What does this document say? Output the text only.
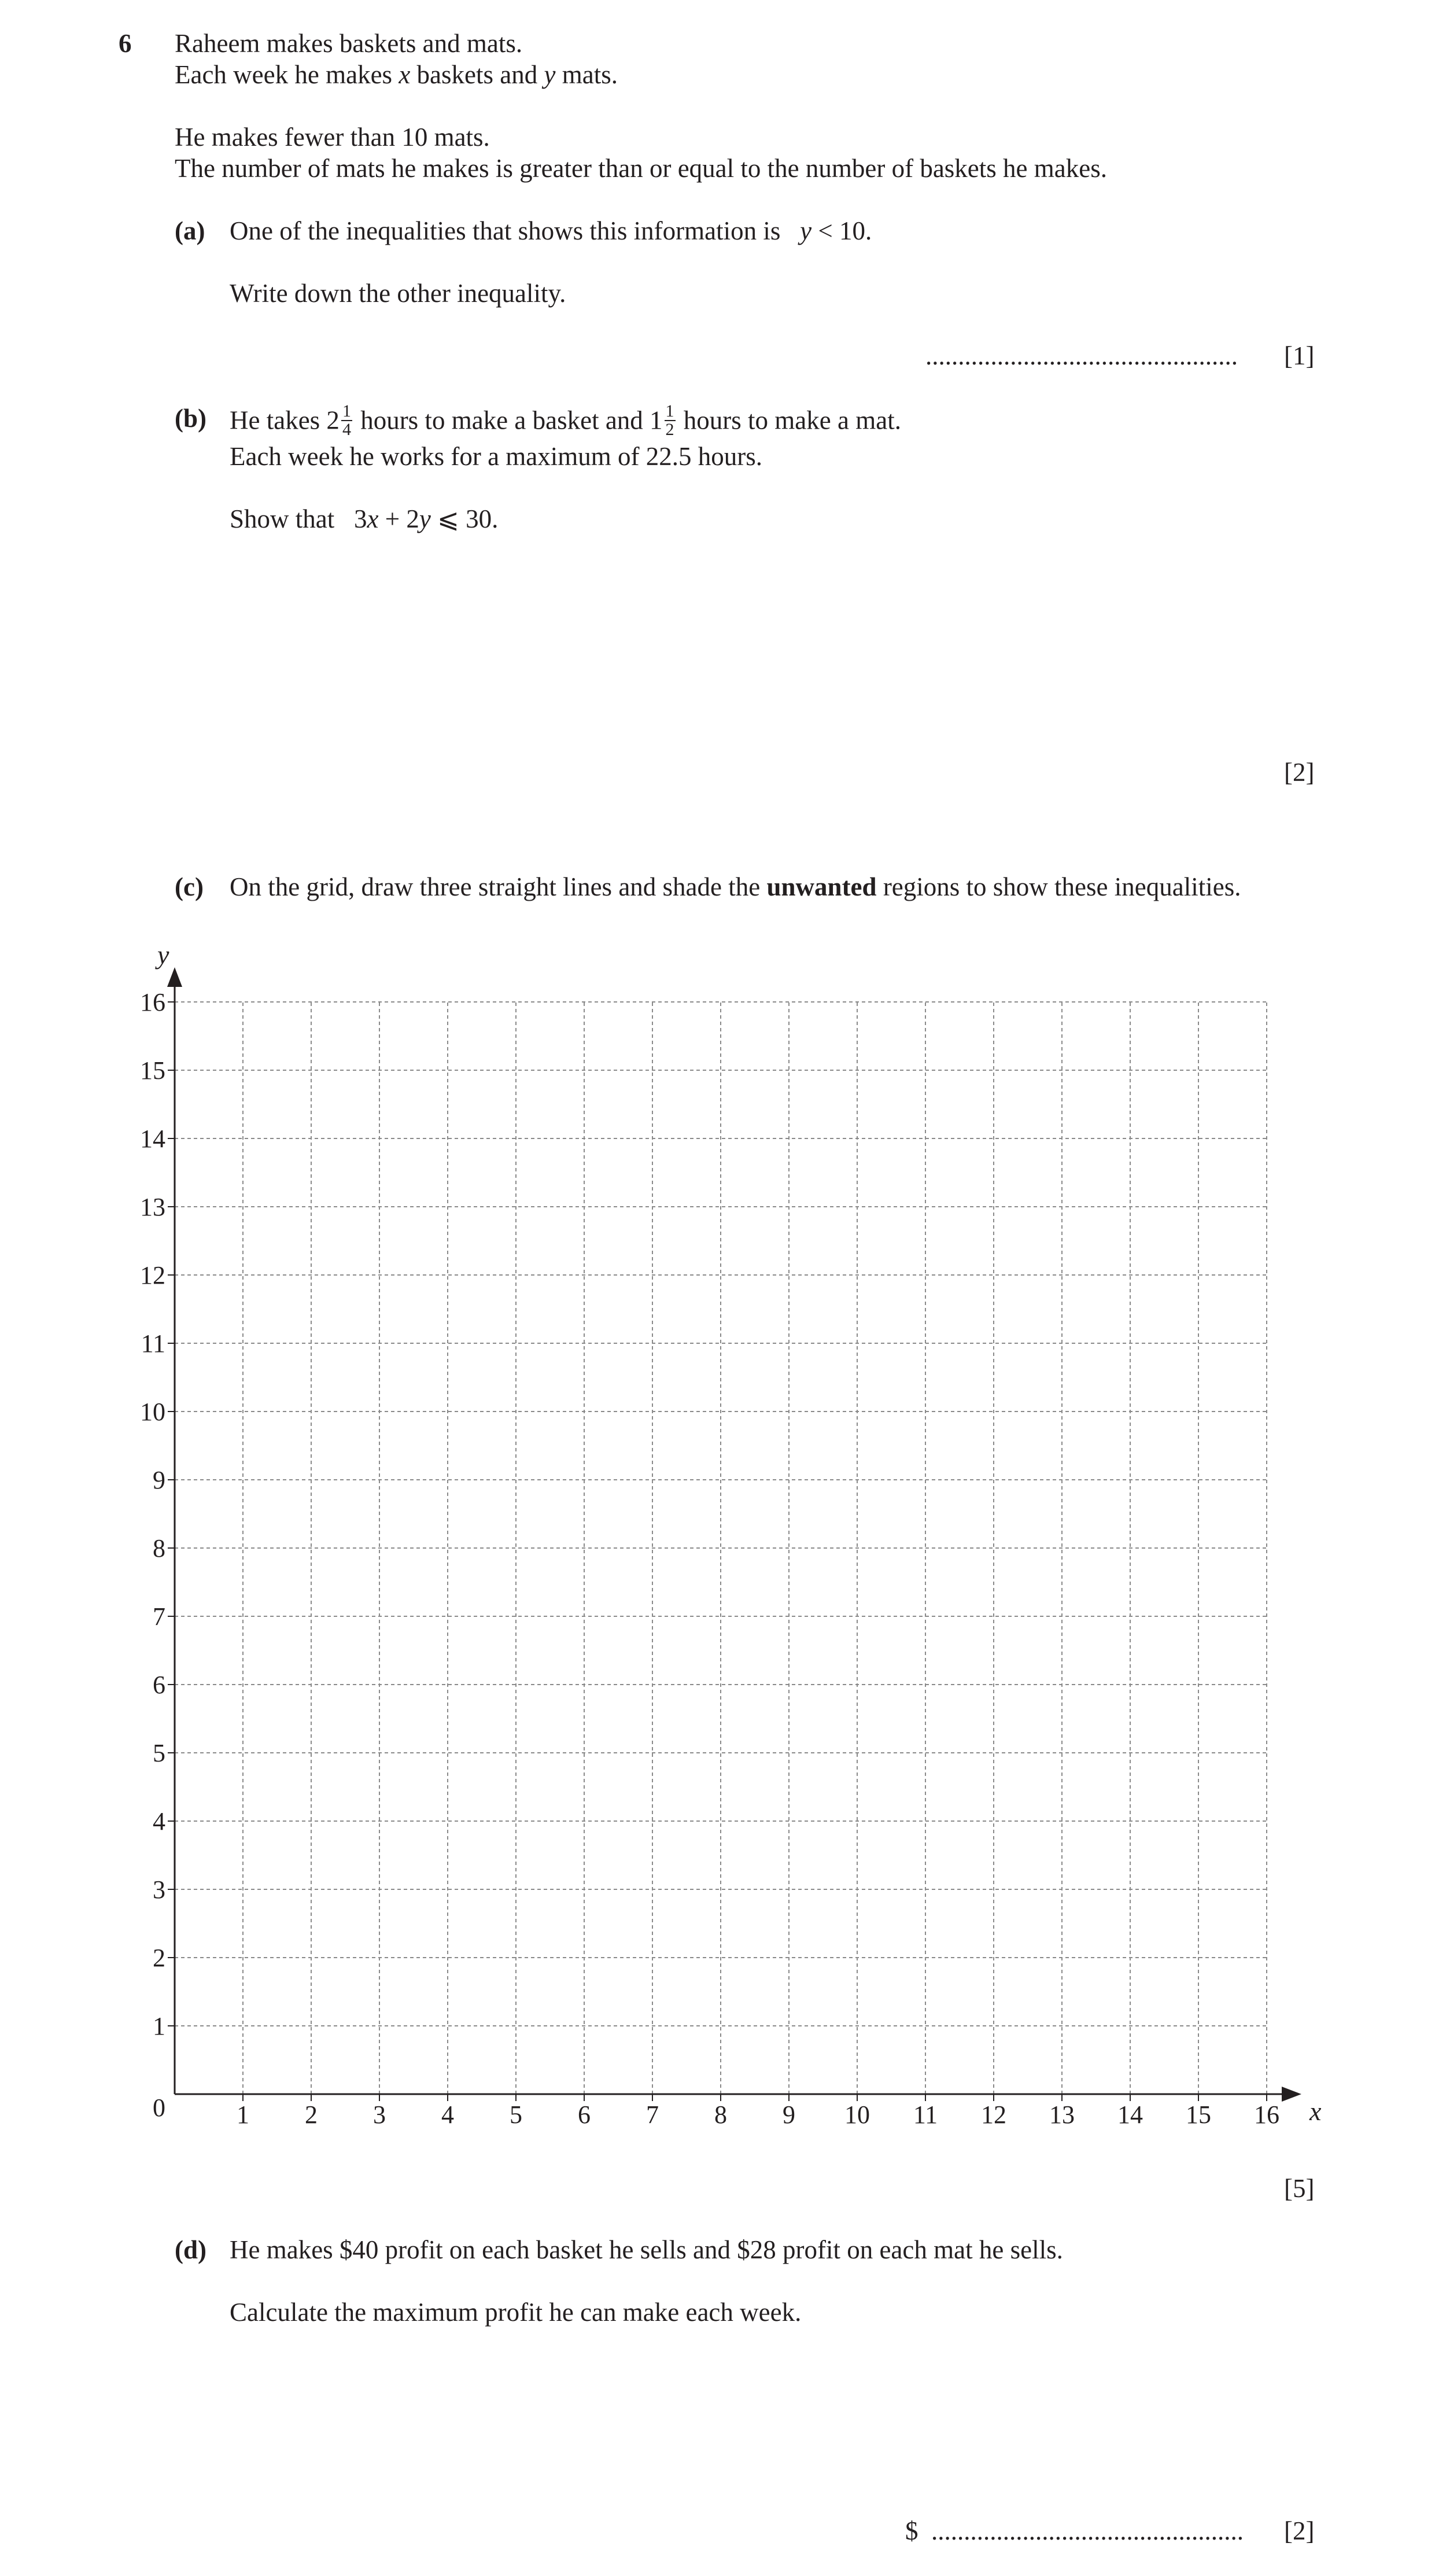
6 Raheem makes baskets and mats.
Each week he makes x baskets and y mats.
He makes fewer than 10 mats.
The number of mats he makes is greater than or equal to the number of baskets he makes.
(a) One of the inequalities that shows this information is y < 10.
Write down the other inequality.
................................................ [1]
(b) He takes $2 \frac{1}{4}$ hours to make a basket and $1 \frac{1}{2}$ hours to make a mat.
Each week he works for a maximum of 22.5 hours.
Show that 3x + 2y ⩽ 30.
[2]
(c) On the grid, draw three straight lines and shade the unwanted regions to show these inequalities.
1 2 3 4 5 6 7 8 9 10 11 12 13 14 15 16
1
2
3
4
5
6
7
8
9
10
11
12
13
14
15
16
0	x
y
[5]
(d) He makes $40 profit on each basket he sells and $28 profit on each mat he sells.
Calculate the maximum profit he can make each week.
$ ................................................ [2]
